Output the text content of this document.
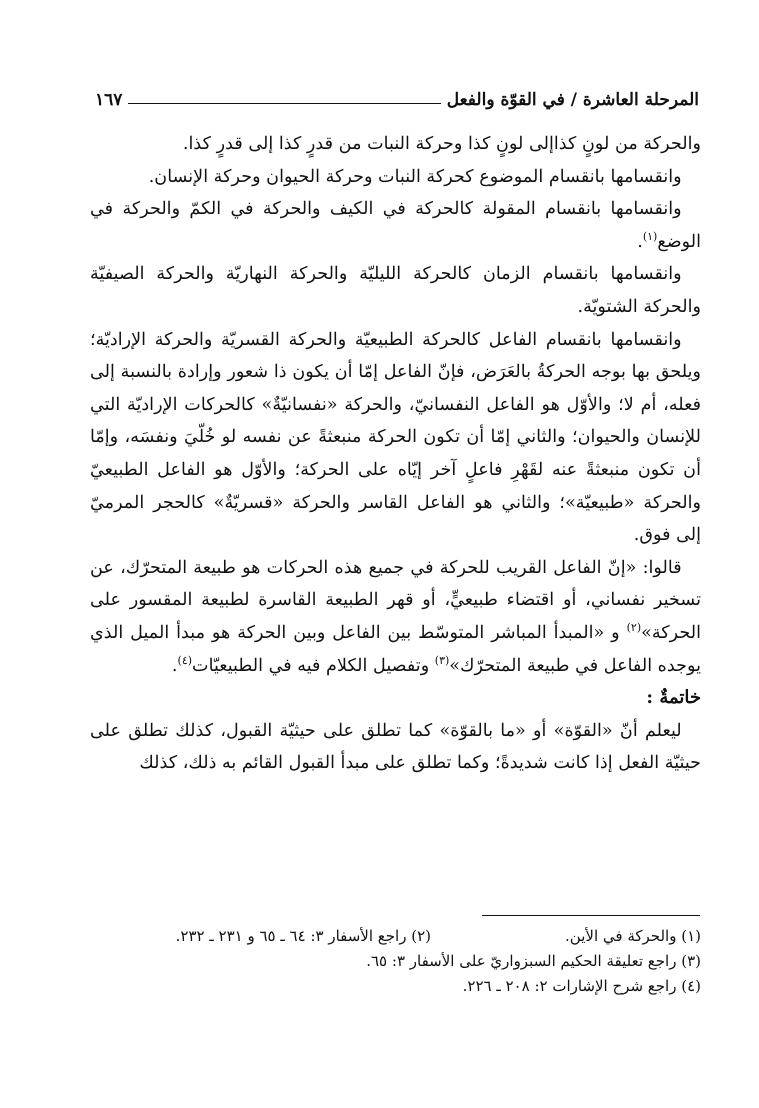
المرحلة العاشرة / في القوّة والفعل
١٦٧

والحركة من لونٍ كذاإلى لونٍ كذا وحركة النبات من قدرٍ كذا إلى قدرٍ كذا.

وانقسامها بانقسام الموضوع كحركة النبات وحركة الحيوان وحركة الإنسان.

وانقسامها بانقسام المقولة كالحركة في الكيف والحركة في الكمّ والحركة في الوضع$^{(١)}$.

وانقسامها بانقسام الزمان كالحركة الليليّة والحركة النهاريّة والحركة الصيفيّة والحركة الشتويّة.

وانقسامها بانقسام الفاعل كالحركة الطبيعيّة والحركة القسريّة والحركة الإراديّة؛ ويلحق بها بوجه الحركةُ بالعَرَض، فإنّ الفاعل إمّا أن يكون ذا شعور وإرادة بالنسبة إلى فعله، أم لا؛ والأوّل هو الفاعل النفسانيّ، والحركة «نفسانيّةٌ» كالحركات الإراديّة التي للإنسان والحيوان؛ والثاني إمّا أن تكون الحركة منبعثةً عن نفسه لو خُلّيَ ونفسَه، وإمّا أن تكون منبعثةً عنه لقَهْرِ فاعلٍ آخر إيّاه على الحركة؛ والأوّل هو الفاعل الطبيعيّ والحركة «طبيعيّة»؛ والثاني هو الفاعل القاسر والحركة «قسريّةٌ» كالحجر المرميّ إلى فوق.

قالوا: «إنّ الفاعل القريب للحركة في جميع هذه الحركات هو طبيعة المتحرّك، عن تسخير نفساني، أو اقتضاء طبيعيٍّ، أو قهر الطبيعة القاسرة لطبيعة المقسور على الحركة»$^{(٢)}$ و «المبدأ المباشر المتوسّط بين الفاعل وبين الحركة هو مبدأ الميل الذي يوجده الفاعل في طبيعة المتحرّك»$^{(٣)}$ وتفصيل الكلام فيه في الطبيعيّات$^{(٤)}$.

خاتمةٌ :

ليعلم أنّ «القوّة» أو «ما بالقوّة» كما تطلق على حيثيّة القبول، كذلك تطلق على حيثيّة الفعل إذا كانت شديدةً؛ وكما تطلق على مبدأ القبول القائم به ذلك، كذلك

(١) والحركة في الأين.
(٢) راجع الأسفار ٣: ٦٤ ـ ٦٥ و ٢٣١ ـ ٢٣٢.
(٣) راجع تعليقة الحكيم السبزواريّ على الأسفار ٣: ٦٥.
(٤) راجع شرح الإشارات ٢: ٢٠٨ ـ ٢٢٦.
